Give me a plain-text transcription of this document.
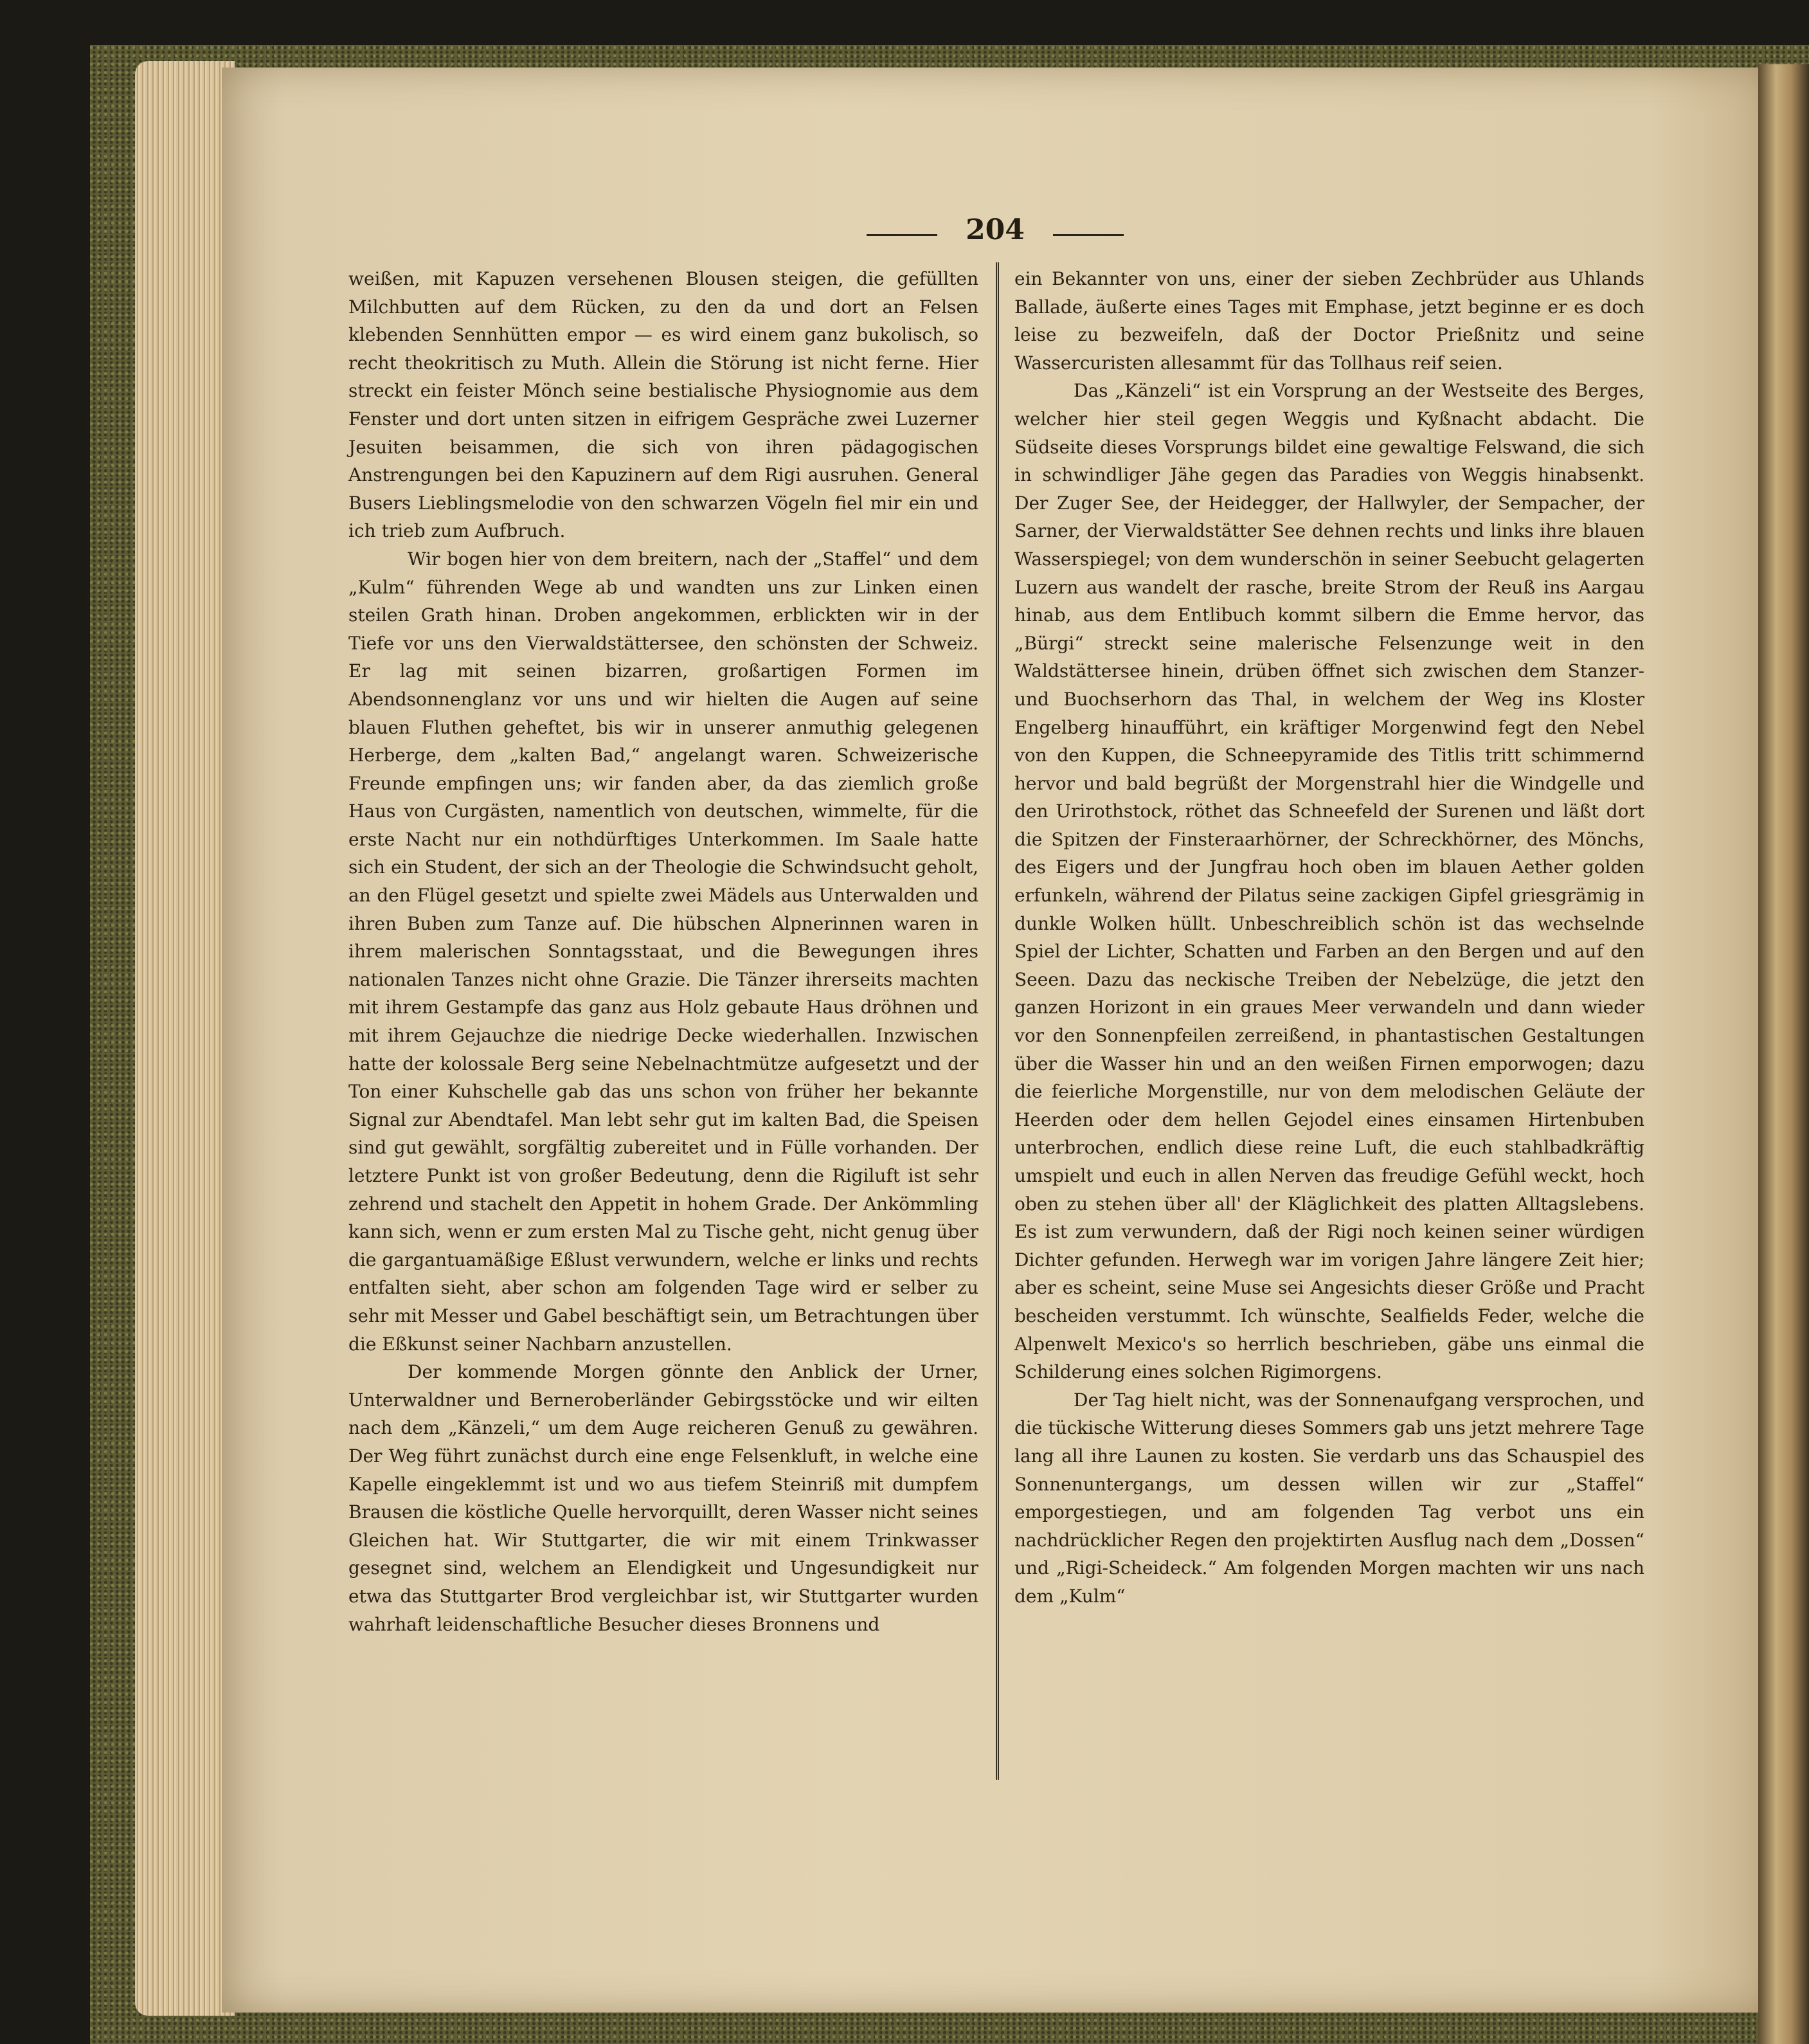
204

weißen, mit Kapuzen versehenen Blousen steigen, die gefüllten Milchbutten auf dem Rücken, zu den da und dort an Felsen klebenden Sennhütten empor — es wird einem ganz bukolisch, so recht theokritisch zu Muth. Allein die Störung ist nicht ferne. Hier streckt ein feister Mönch seine bestialische Physiognomie aus dem Fenster und dort unten sitzen in eifrigem Gespräche zwei Luzerner Jesuiten beisammen, die sich von ihren pädagogischen Anstrengungen bei den Kapuzinern auf dem Rigi ausruhen. General Busers Lieblingsmelodie von den schwarzen Vögeln fiel mir ein und ich trieb zum Aufbruch.

Wir bogen hier von dem breitern, nach der „Staffel“ und dem „Kulm“ führenden Wege ab und wandten uns zur Linken einen steilen Grath hinan. Droben angekommen, erblickten wir in der Tiefe vor uns den Vierwaldstättersee, den schönsten der Schweiz. Er lag mit seinen bizarren, großartigen Formen im Abendsonnenglanz vor uns und wir hielten die Augen auf seine blauen Fluthen geheftet, bis wir in unserer anmuthig gelegenen Herberge, dem „kalten Bad,“ angelangt waren. Schweizerische Freunde empfingen uns; wir fanden aber, da das ziemlich große Haus von Curgästen, namentlich von deutschen, wimmelte, für die erste Nacht nur ein nothdürftiges Unterkommen. Im Saale hatte sich ein Student, der sich an der Theologie die Schwindsucht geholt, an den Flügel gesetzt und spielte zwei Mädels aus Unterwalden und ihren Buben zum Tanze auf. Die hübschen Alpnerinnen waren in ihrem malerischen Sonntagsstaat, und die Bewegungen ihres nationalen Tanzes nicht ohne Grazie. Die Tänzer ihrerseits machten mit ihrem Gestampfe das ganz aus Holz gebaute Haus dröhnen und mit ihrem Gejauchze die niedrige Decke wiederhallen. Inzwischen hatte der kolossale Berg seine Nebelnachtmütze aufgesetzt und der Ton einer Kuhschelle gab das uns schon von früher her bekannte Signal zur Abendtafel. Man lebt sehr gut im kalten Bad, die Speisen sind gut gewählt, sorgfältig zubereitet und in Fülle vorhanden. Der letztere Punkt ist von großer Bedeutung, denn die Rigiluft ist sehr zehrend und stachelt den Appetit in hohem Grade. Der Ankömmling kann sich, wenn er zum ersten Mal zu Tische geht, nicht genug über die gargantuamäßige Eßlust verwundern, welche er links und rechts entfalten sieht, aber schon am folgenden Tage wird er selber zu sehr mit Messer und Gabel beschäftigt sein, um Betrachtungen über die Eßkunst seiner Nachbarn anzustellen.

Der kommende Morgen gönnte den Anblick der Urner, Unterwaldner und Berneroberländer Gebirgsstöcke und wir eilten nach dem „Känzeli,“ um dem Auge reicheren Genuß zu gewähren. Der Weg führt zunächst durch eine enge Felsenkluft, in welche eine Kapelle eingeklemmt ist und wo aus tiefem Steinriß mit dumpfem Brausen die köstliche Quelle hervorquillt, deren Wasser nicht seines Gleichen hat. Wir Stuttgarter, die wir mit einem Trinkwasser gesegnet sind, welchem an Elendigkeit und Ungesundigkeit nur etwa das Stuttgarter Brod vergleichbar ist, wir Stuttgarter wurden wahrhaft leidenschaftliche Besucher dieses Bronnens und

ein Bekannter von uns, einer der sieben Zechbrüder aus Uhlands Ballade, äußerte eines Tages mit Emphase, jetzt beginne er es doch leise zu bezweifeln, daß der Doctor Prießnitz und seine Wassercuristen allesammt für das Tollhaus reif seien.

Das „Känzeli“ ist ein Vorsprung an der Westseite des Berges, welcher hier steil gegen Weggis und Kyßnacht abdacht. Die Südseite dieses Vorsprungs bildet eine gewaltige Felswand, die sich in schwindliger Jähe gegen das Paradies von Weggis hinabsenkt. Der Zuger See, der Heidegger, der Hallwyler, der Sempacher, der Sarner, der Vierwaldstätter See dehnen rechts und links ihre blauen Wasserspiegel; von dem wunderschön in seiner Seebucht gelagerten Luzern aus wandelt der rasche, breite Strom der Reuß ins Aargau hinab, aus dem Entlibuch kommt silbern die Emme hervor, das „Bürgi“ streckt seine malerische Felsenzunge weit in den Waldstättersee hinein, drüben öffnet sich zwischen dem Stanzer- und Buochserhorn das Thal, in welchem der Weg ins Kloster Engelberg hinaufführt, ein kräftiger Morgenwind fegt den Nebel von den Kuppen, die Schneepyramide des Titlis tritt schimmernd hervor und bald begrüßt der Morgenstrahl hier die Windgelle und den Urirothstock, röthet das Schneefeld der Surenen und läßt dort die Spitzen der Finsteraarhörner, der Schreckhörner, des Mönchs, des Eigers und der Jungfrau hoch oben im blauen Aether golden erfunkeln, während der Pilatus seine zackigen Gipfel griesgrämig in dunkle Wolken hüllt. Unbeschreiblich schön ist das wechselnde Spiel der Lichter, Schatten und Farben an den Bergen und auf den Seeen. Dazu das neckische Treiben der Nebelzüge, die jetzt den ganzen Horizont in ein graues Meer verwandeln und dann wieder vor den Sonnenpfeilen zerreißend, in phantastischen Gestaltungen über die Wasser hin und an den weißen Firnen emporwogen; dazu die feierliche Morgenstille, nur von dem melodischen Geläute der Heerden oder dem hellen Gejodel eines einsamen Hirtenbuben unterbrochen, endlich diese reine Luft, die euch stahlbadkräftig umspielt und euch in allen Nerven das freudige Gefühl weckt, hoch oben zu stehen über all' der Kläglichkeit des platten Alltagslebens. Es ist zum verwundern, daß der Rigi noch keinen seiner würdigen Dichter gefunden. Herwegh war im vorigen Jahre längere Zeit hier; aber es scheint, seine Muse sei Angesichts dieser Größe und Pracht bescheiden verstummt. Ich wünschte, Sealfields Feder, welche die Alpenwelt Mexico's so herrlich beschrieben, gäbe uns einmal die Schilderung eines solchen Rigimorgens.

Der Tag hielt nicht, was der Sonnenaufgang versprochen, und die tückische Witterung dieses Sommers gab uns jetzt mehrere Tage lang all ihre Launen zu kosten. Sie verdarb uns das Schauspiel des Sonnenuntergangs, um dessen willen wir zur „Staffel“ emporgestiegen, und am folgenden Tag verbot uns ein nachdrücklicher Regen den projektirten Ausflug nach dem „Dossen“ und „Rigi-Scheideck.“ Am folgenden Morgen machten wir uns nach dem „Kulm“
